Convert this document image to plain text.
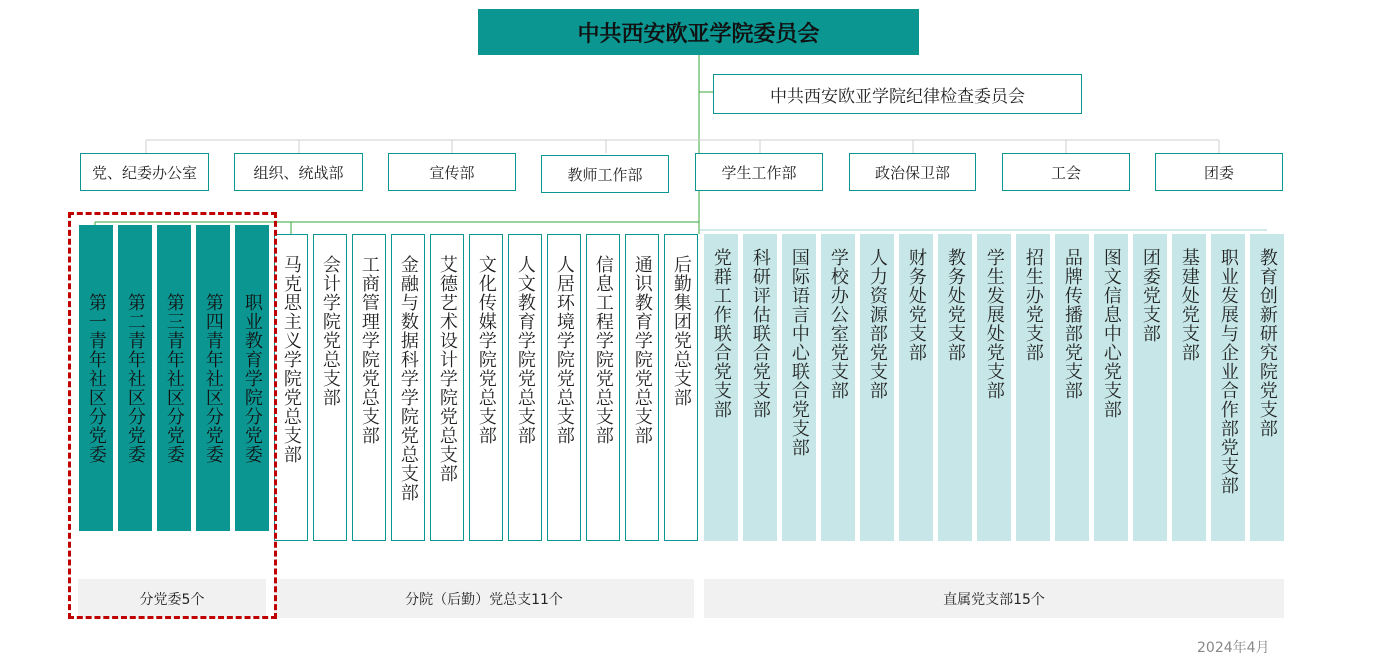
中共西安欧亚学院委员会
中共西安欧亚学院纪律检查委员会
党、纪委办公室	组织、统战部	宣传部	教师工作部	学生工作部	政治保卫部	工会	团委
第一青年社区分党委 第二青年社区分党委 第三青年社区分党委 第四青年社区分党委 职业教育学院分党委 马克思主义学院党总支部 会计学院党总支部 工商管理学院党总支部 金融与数据科学学院党总支部 艾德艺术设计学院党总支部 文化传媒学院党总支部 人文教育学院党总支部 人居环境学院党总支部 信息工程学院党总支部 通识教育学院党总支部 后勤集团党总支部 党群工作联合党支部 科研评估联合党支部 国际语言中心联合党支部 学校办公室党支部 人力资源部党支部 财务处党支部 教务处党支部 学生发展处党支部 招生办党支部 品牌传播部党支部 图文信息中心党支部 团委党支部 基建处党支部 职业发展与企业合作部党支部 教育创新研究院党支部
分党委5个	分院（后勤）党总支11个	直属党支部15个
2024年4月
